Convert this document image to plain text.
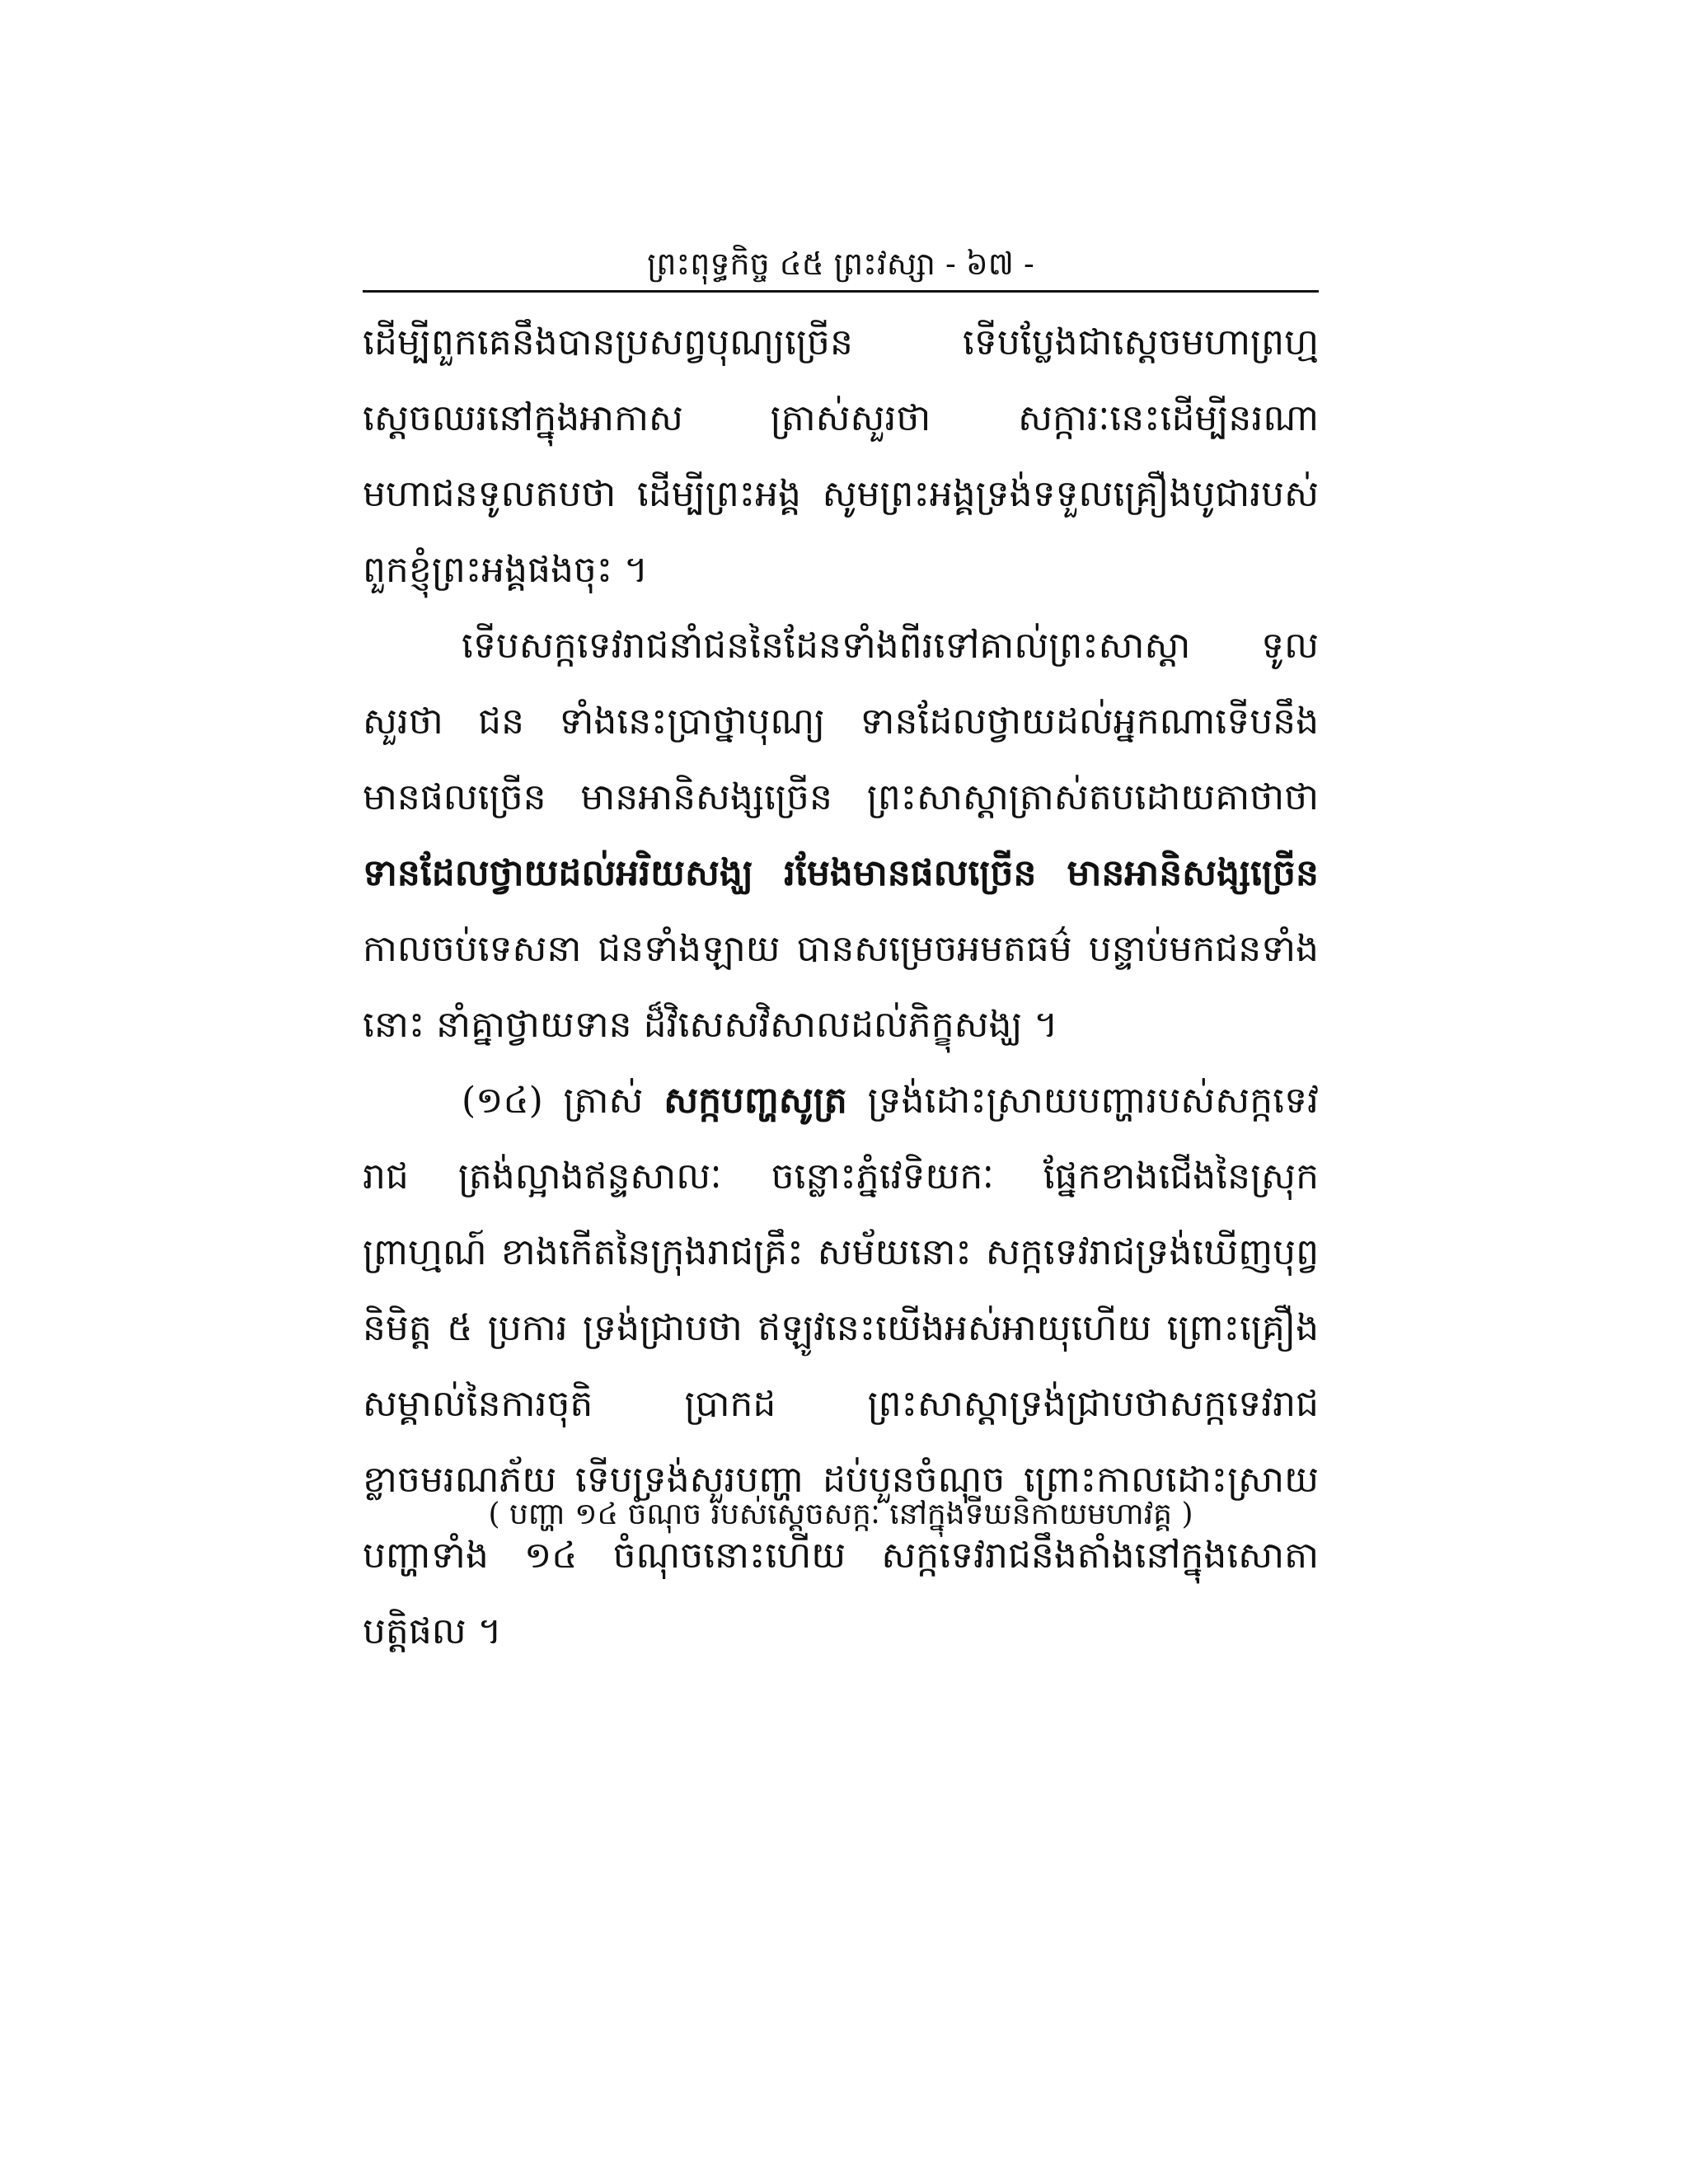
ព្រះពុទ្ធកិច្ច ៤៥ ព្រះវស្សា - ៦៧ -

ដើម្បីពួកគេនឹងបានប្រសព្វបុណ្យច្រើន ទើបប្លែងជាស្តេចមហាព្រហ្ម ស្តេចឈរនៅក្នុងអាកាស ត្រាស់សួរថា សក្ការៈនេះដើម្បីនរណា មហាជនទូលតបថា ដើម្បីព្រះអង្គ សូមព្រះអង្គទ្រង់ទទួលគ្រឿងបូជារបស់ពួកខ្ញុំព្រះអង្គផងចុះ ។

ទើបសក្កទេវរាជនាំជននៃដែនទាំងពីរទៅគាល់ព្រះសាស្តា ទូលសួរថា ជន ទាំងនេះប្រាថ្នាបុណ្យ ទានដែលថ្វាយដល់អ្នកណាទើបនឹងមានផលច្រើន មានអានិសង្សច្រើន ព្រះសាស្តាត្រាស់តបដោយគាថាថា ទានដែលថ្វាយដល់អរិយសង្ឃ រមែងមានផលច្រើន មានអានិសង្សច្រើន កាលចប់ទេសនា ជនទាំងឡាយ បានសម្រេចអមតធម៌ បន្ទាប់មកជនទាំងនោះ នាំគ្នាថ្វាយទាន ដ៏វិសេសវិសាលដល់ភិក្ខុសង្ឃ ។

(១៤) ត្រាស់ សក្កបញ្ហសូត្រ ទ្រង់ដោះស្រាយបញ្ហារបស់សក្កទេវរាជ ត្រង់ល្អាងឥន្ទសាលៈ ចន្លោះភ្នំវេទិយកៈ ផ្នែកខាងជើងនៃស្រុកព្រាហ្មណ៍ ខាងកើតនៃក្រុងរាជគ្រឹះ សម័យនោះ សក្កទេវរាជទ្រង់ឃើញបុព្វនិមិត្ត ៥ ប្រការ ទ្រង់ជ្រាបថា ឥឡូវនេះយើងអស់អាយុហើយ ព្រោះគ្រឿងសម្គាល់នៃការចុតិ ប្រាកដ ព្រះសាស្តាទ្រង់ជ្រាបថាសក្កទេវរាជខ្លាចមរណភ័យ ទើបទ្រង់សួរបញ្ហា ដប់បួនចំណុច ព្រោះកាលដោះស្រាយបញ្ហាទាំង ១៤ ចំណុចនោះហើយ សក្កទេវរាជនឹងតាំងនៅក្នុងសោតាបត្តិផល ។

( បញ្ហា ១៤ ចំណុច របស់ស្តេចសក្កៈ នៅក្នុងទីឃនិកាយមហាវគ្គ )
